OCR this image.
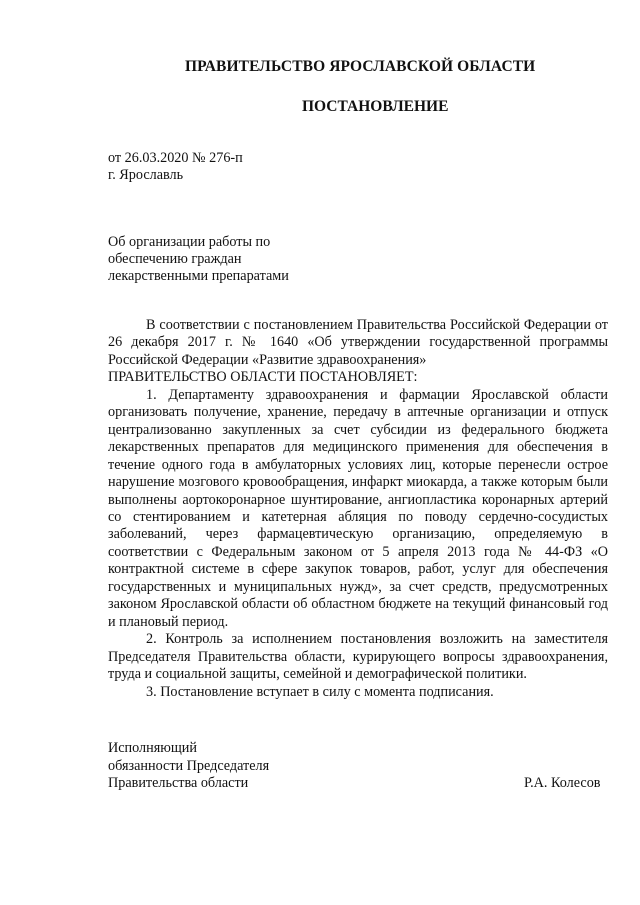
ПРАВИТЕЛЬСТВО ЯРОСЛАВСКОЙ ОБЛАСТИ
ПОСТАНОВЛЕНИЕ
от 26.03.2020 № 276-п
г. Ярославль
Об организации работы по
обеспечению граждан
лекарственными препаратами

В соответствии с постановлением Правительства Российской Федерации от 26 декабря 2017 г. № 1640 «Об утверждении государственной программы Российской Федерации «Развитие здравоохранения»

ПРАВИТЕЛЬСТВО ОБЛАСТИ ПОСТАНОВЛЯЕТ:

1. Департаменту здравоохранения и фармации Ярославской области организовать получение, хранение, передачу в аптечные организации и отпуск централизованно закупленных за счет субсидии из федерального бюджета лекарственных препаратов для медицинского применения для обеспечения в течение одного года в амбулаторных условиях лиц, которые перенесли острое нарушение мозгового кровообращения, инфаркт миокарда, а также которым были выполнены аортокоронарное шунтирование, ангиопластика коронарных артерий со стентированием и катетерная абляция по поводу сердечно-сосудистых заболеваний, через фармацевтическую организацию, определяемую в соответствии с Федеральным законом от 5 апреля 2013 года № 44-ФЗ «О контрактной системе в сфере закупок товаров, работ, услуг для обеспечения государственных и муниципальных нужд», за счет средств, предусмотренных законом Ярославской области об областном бюджете на текущий финансовый год и плановый период.

2. Контроль за исполнением постановления возложить на заместителя Председателя Правительства области, курирующего вопросы здравоохранения, труда и социальной защиты, семейной и демографической политики.

3. Постановление вступает в силу с момента подписания.

Исполняющий
обязанности Председателя
Правительства области	Р.А. Колесов
